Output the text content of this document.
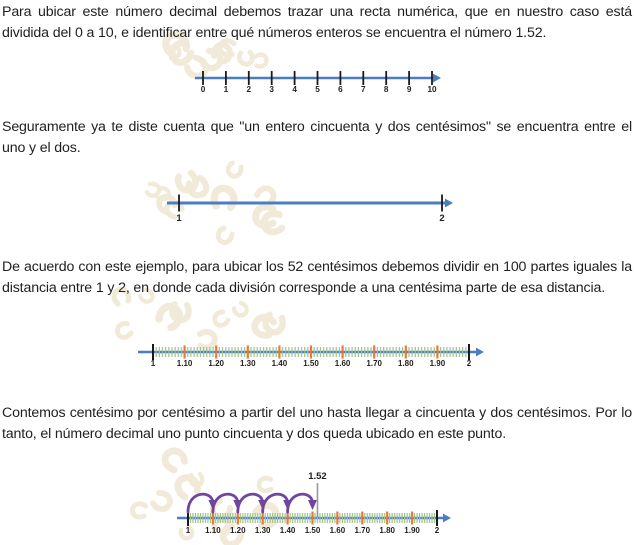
Para ubicar este número decimal debemos trazar una recta numérica, que en nuestro caso está dividida del 0 a 10, e identificar entre qué números enteros se encuentra el número 1.52.

0 1 2 3 4 5 6 7 8 9 10

Seguramente ya te diste cuenta que "un entero cincuenta y dos centésimos" se encuentra entre el uno y el dos.

1	2

De acuerdo con este ejemplo, para ubicar los 52 centésimos debemos dividir en 100 partes iguales la distancia entre 1 y 2, en donde cada división corresponde a una centésima parte de esa distancia.

1	1.10 1.20 1.30 1.40 1.50 1.60 1.70 1.80 1.90	2

Contemos centésimo por centésimo a partir del uno hasta llegar a cincuenta y dos centésimos. Por lo tanto, el número decimal uno punto cincuenta y dos queda ubicado en este punto.

1 1.10 1.20 1.30 1.40 1.50 1.60 1.70 1.80 1.90 2
1.52
